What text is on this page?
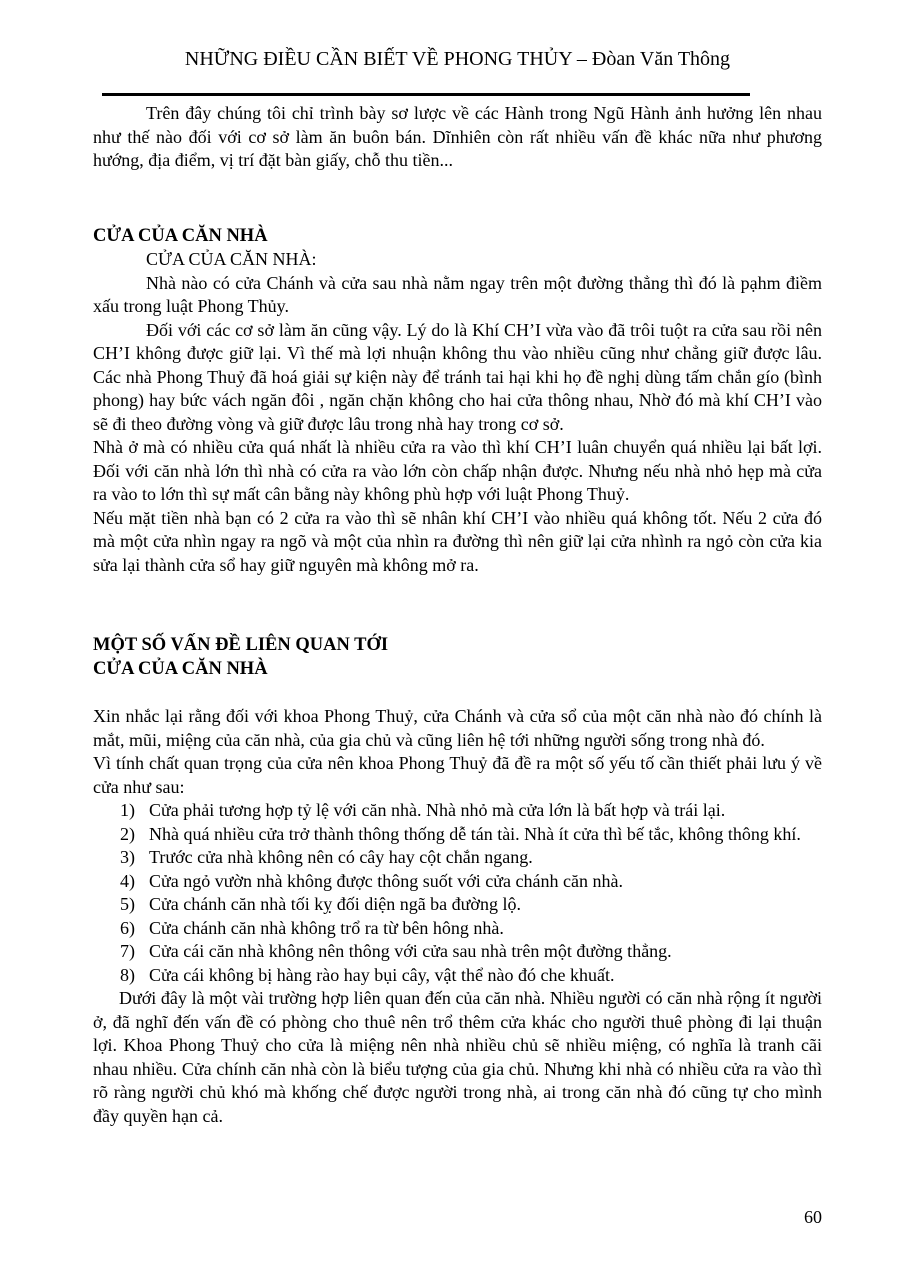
NHỮNG ĐIỀU CẦN BIẾT VỀ PHONG THỦY – Đòan Văn Thông

Trên đây chúng tôi chỉ trình bày sơ lược về các Hành trong Ngũ Hành ảnh hưởng lên nhau như thế nào đối với cơ sở làm ăn buôn bán. Dĩnhiên còn rất nhiều vấn đề khác nữa như phương hướng, địa điểm, vị trí đặt bàn giấy, chỗ thu tiền...

CỬA CỦA CĂN NHÀ

CỬA CỦA CĂN NHÀ:

Nhà nào có cửa Chánh và cửa sau nhà nằm ngay trên một đường thẳng thì đó là pạhm điềm xấu trong luật Phong Thủy.

Đối với các cơ sở làm ăn cũng vậy. Lý do là Khí CH’I vừa vào đã trôi tuột ra cửa sau rồi nên CH’I không được giữ lại. Vì thế mà lợi nhuận không thu vào nhiều cũng như chẳng giữ được lâu. Các nhà Phong Thuỷ đã hoá giải sự kiện này để tránh tai hại khi họ đề nghị dùng tấm chắn gío (bình phong) hay bức vách ngăn đôi , ngăn chặn không cho hai cửa thông nhau, Nhờ đó mà khí CH’I vào sẽ đi theo đường vòng và giữ được lâu trong nhà hay trong cơ sở.

Nhà ở mà có nhiều cửa quá nhất là nhiều cửa ra vào thì khí CH’I luân chuyển quá nhiều lại bất lợi. Đối với căn nhà lớn thì nhà có cửa ra vào lớn còn chấp nhận được. Nhưng nếu nhà nhỏ hẹp mà cửa ra vào to lớn thì sự mất cân bằng này không phù hợp với luật Phong Thuỷ.

Nếu mặt tiền nhà bạn có 2 cửa ra vào thì sẽ nhân khí CH’I vào nhiều quá không tốt. Nếu 2 cửa đó mà một cửa nhìn ngay ra ngõ và một của nhìn ra đường thì nên giữ lại cửa nhình ra ngỏ còn cửa kia sửa lại thành cửa sổ hay giữ nguyên mà không mở ra.

MỘT SỐ VẤN ĐỀ LIÊN QUAN TỚI

CỬA CỦA CĂN NHÀ

Xin nhắc lại rằng đối với khoa Phong Thuỷ, cửa Chánh và cửa sổ của một căn nhà nào đó chính là mắt, mũi, miệng của căn nhà, của gia chủ và cũng liên hệ tới những người sống trong nhà đó.

Vì tính chất quan trọng của cửa nên khoa Phong Thuỷ đã đề ra một số yếu tố cần thiết phải lưu ý về cửa như sau:

1) Cửa phải tương hợp tỷ lệ với căn nhà. Nhà nhỏ mà cửa lớn là bất hợp và trái lại.
2) Nhà quá nhiều cửa trở thành thông thống dễ tán tài. Nhà ít cửa thì bế tắc, không thông khí.
3) Trước cửa nhà không nên có cây hay cột chắn ngang.
4) Cửa ngỏ vườn nhà không được thông suốt với cửa chánh căn nhà.
5) Cửa chánh căn nhà tối kỵ đối diện ngã ba đường lộ.
6) Cửa chánh căn nhà không trổ ra từ bên hông nhà.
7) Cửa cái căn nhà không nên thông với cửa sau nhà trên một đường thẳng.
8) Cửa cái không bị hàng rào hay bụi cây, vật thể nào đó che khuất.

Dưới đây là một vài trường hợp liên quan đến của căn nhà. Nhiều người có căn nhà rộng ít người ở, đã nghĩ đến vấn đề có phòng cho thuê nên trổ thêm cửa khác cho người thuê phòng đi lại thuận lợi. Khoa Phong Thuỷ cho cửa là miệng nên nhà nhiều chủ sẽ nhiều miệng, có nghĩa là tranh cãi nhau nhiều. Cửa chính căn nhà còn là biểu tượng của gia chủ. Nhưng khi nhà có nhiều cửa ra vào thì rõ ràng người chủ khó mà khống chế được người trong nhà, ai trong căn nhà đó cũng tự cho mình đầy quyền hạn cả.

60
